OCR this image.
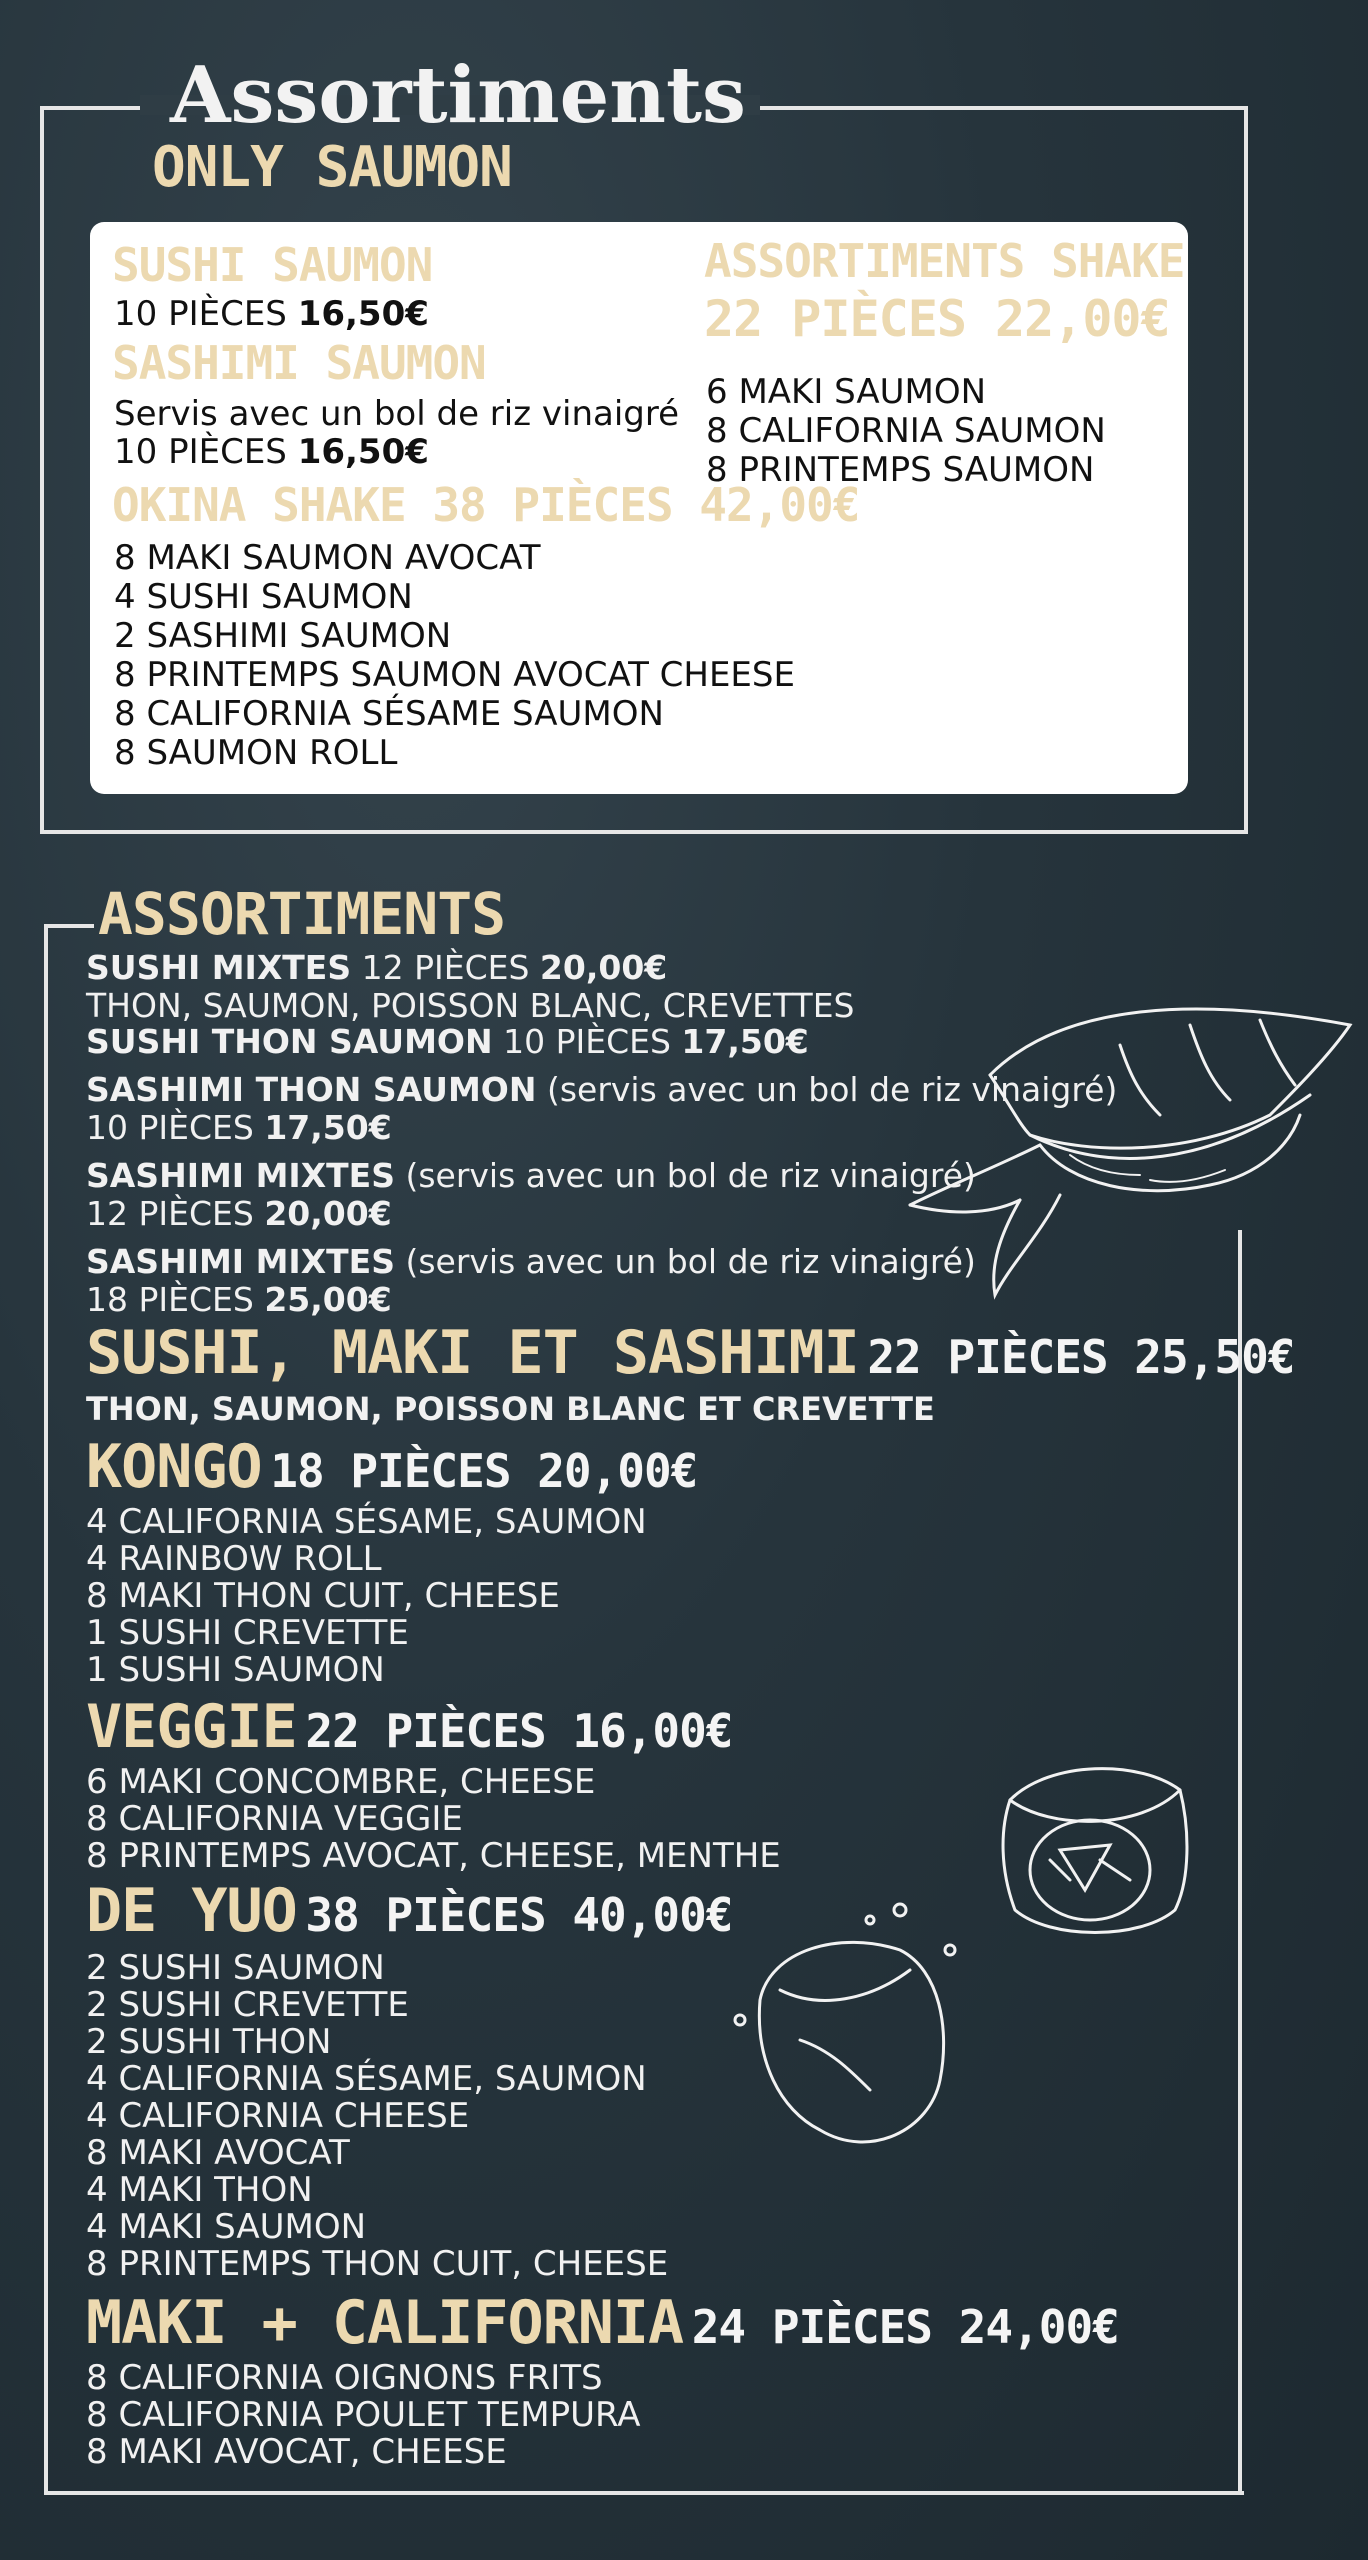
Assortiments
ONLY SAUMON
SUSHI SAUMON
10 PIÈCES 16,50€
SASHIMI SAUMON
Servis avec un bol de riz vinaigré
10 PIÈCES 16,50€
OKINA SHAKE 38 PIÈCES 42,00€
8 MAKI SAUMON AVOCAT
4 SUSHI SAUMON
2 SASHIMI SAUMON
8 PRINTEMPS SAUMON AVOCAT CHEESE
8 CALIFORNIA SÉSAME SAUMON
8 SAUMON ROLL
ASSORTIMENTS SHAKE
22 PIÈCES 22,00€
6 MAKI SAUMON
8 CALIFORNIA SAUMON
8 PRINTEMPS SAUMON
ASSORTIMENTS
SUSHI MIXTES 12 PIÈCES 20,00€
THON, SAUMON, POISSON BLANC, CREVETTES
SUSHI THON SAUMON 10 PIÈCES 17,50€
SASHIMI THON SAUMON (servis avec un bol de riz vinaigré)
10 PIÈCES 17,50€
SASHIMI MIXTES (servis avec un bol de riz vinaigré)
12 PIÈCES 20,00€
SASHIMI MIXTES (servis avec un bol de riz vinaigré)
18 PIÈCES 25,00€
SUSHI, MAKI ET SASHIMI 22 PIÈCES 25,50€
THON, SAUMON, POISSON BLANC ET CREVETTE
KONGO 18 PIÈCES 20,00€
4 CALIFORNIA SÉSAME, SAUMON
4 RAINBOW ROLL
8 MAKI THON CUIT, CHEESE
1 SUSHI CREVETTE
1 SUSHI SAUMON
VEGGIE 22 PIÈCES 16,00€
6 MAKI CONCOMBRE, CHEESE
8 CALIFORNIA VEGGIE
8 PRINTEMPS AVOCAT, CHEESE, MENTHE
DE YUO 38 PIÈCES 40,00€
2 SUSHI SAUMON
2 SUSHI CREVETTE
2 SUSHI THON
4 CALIFORNIA SÉSAME, SAUMON
4 CALIFORNIA CHEESE
8 MAKI AVOCAT
4 MAKI THON
4 MAKI SAUMON
8 PRINTEMPS THON CUIT, CHEESE
MAKI + CALIFORNIA 24 PIÈCES 24,00€
8 CALIFORNIA OIGNONS FRITS
8 CALIFORNIA POULET TEMPURA
8 MAKI AVOCAT, CHEESE
